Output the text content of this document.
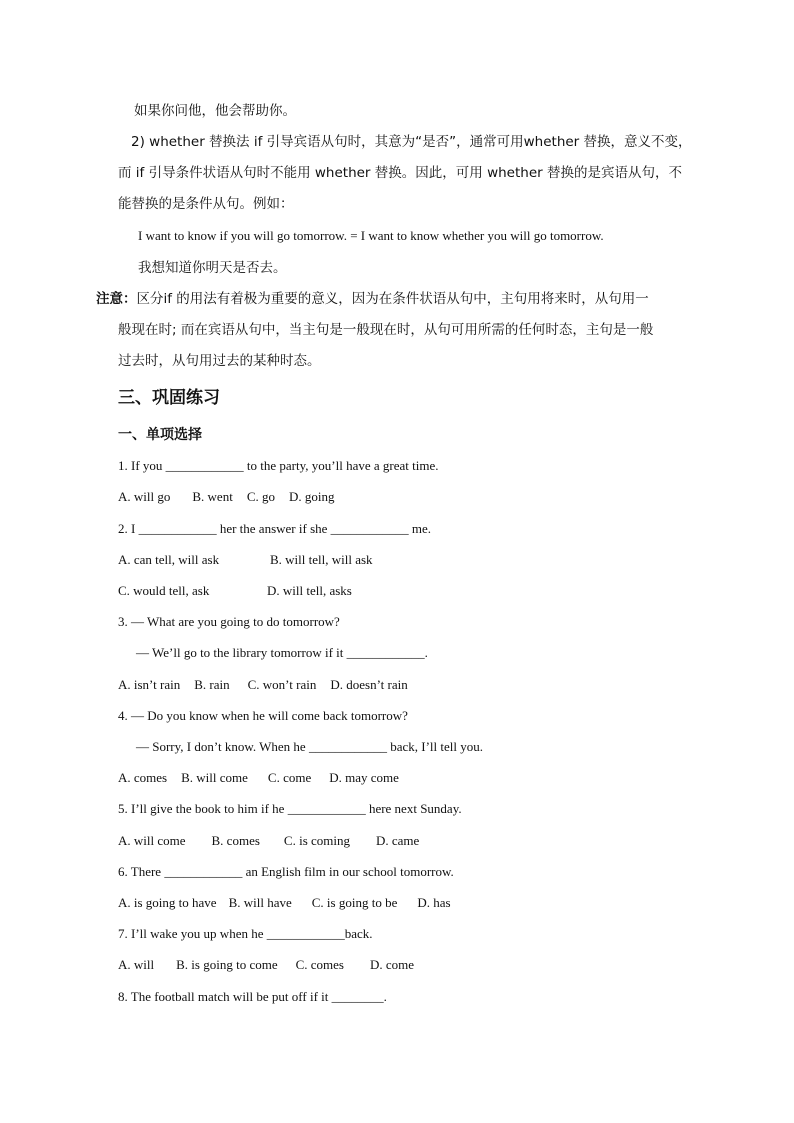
如果你问他，他会帮助你。
2) whether 替换法 if 引导宾语从句时，其意为“是否”，通常可用whether 替换，意义不变，
而 if 引导条件状语从句时不能用 whether 替换。因此，可用 whether 替换的是宾语从句，不
能替换的是条件从句。例如：
I want to know if you will go tomorrow. = I want to know whether you will go tomorrow.
我想知道你明天是否去。
注意：区分if 的用法有着极为重要的意义，因为在条件状语从句中，主句用将来时，从句用一
般现在时; 而在宾语从句中，当主句是一般现在时，从句可用所需的任何时态，主句是一般
过去时，从句用过去的某种时态。
三、巩固练习
一、单项选择
1. If you ____________ to the party, you’ll have a great time.
A. will go B. went C. go D. going
2. I ____________ her the answer if she ____________ me.
A. can tell, will ask	B. will tell, will ask
C. would tell, ask	D. will tell, asks
3. — What are you going to do tomorrow?
— We’ll go to the library tomorrow if it ____________.
A. isn’t rain B. rain C. won’t rain D. doesn’t rain
4. — Do you know when he will come back tomorrow?
— Sorry, I don’t know. When he ____________ back, I’ll tell you.
A. comes B. will come C. come D. may come
5. I’ll give the book to him if he ____________ here next Sunday.
A. will come B. comes C. is coming D. came
6. There ____________ an English film in our school tomorrow.
A. is going to have B. will have C. is going to be D. has
7. I’ll wake you up when he ____________back.
A. will B. is going to come C. comes D. come
8. The football match will be put off if it ________.
